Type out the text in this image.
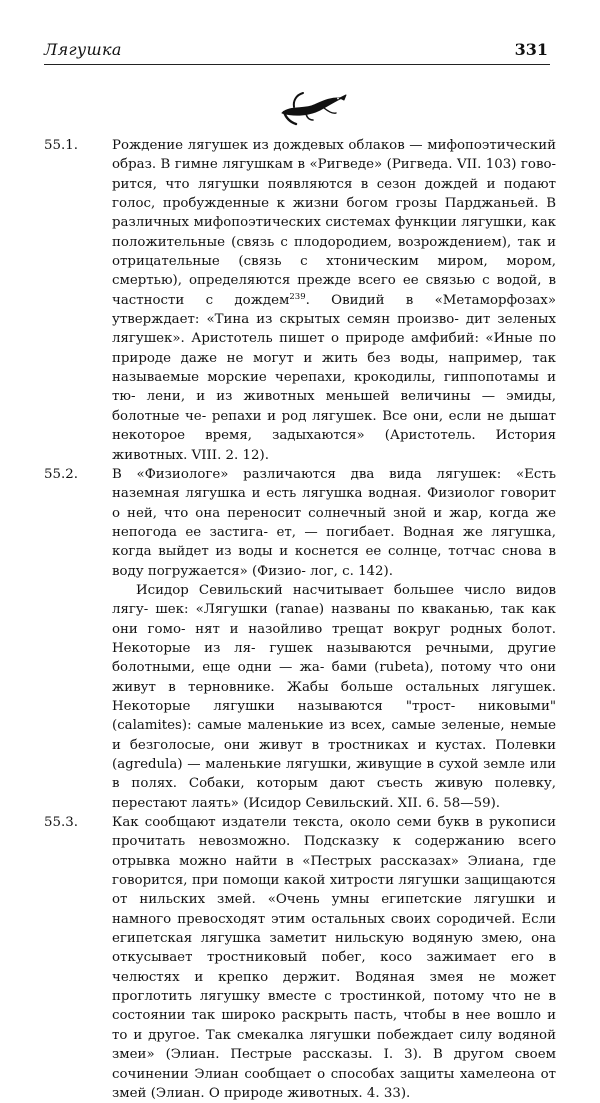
Лягушка	331
55.1.	Рождение лягушек из дождевых облаков — мифопоэтический образ. В гимне лягушкам в «Ригведе» (Ригведа. VII. 103) гово- рится, что лягушки появляются в сезон дождей и подают голос, пробужденные к жизни богом грозы Парджаньей. В различных мифопоэтических системах функции лягушки, как положительные (связь с плодородием, возрождением), так и отрицательные (связь с хтоническим миром, мором, смертью), определяются прежде всего ее связью с водой, в частности с дождем$^{239}$. Овидий в «Метаморфозах» утверждает: «Тина из скрытых семян произво- дит зеленых лягушек». Аристотель пишет о природе амфибий: «Иные по природе даже не могут и жить без воды, например, так называемые морские черепахи, крокодилы, гиппопотамы и тю- лени, и из животных меньшей величины — эмиды, болотные че- репахи и род лягушек. Все они, если не дышат некоторое время, задыхаются» (Аристотель. История животных. VIII. 2. 12).
55.2.	В «Физиологе» различаются два вида лягушек: «Есть наземная лягушка и есть лягушка водная. Физиолог говорит о ней, что она переносит солнечный зной и жар, когда же непогода ее застига- ет, — погибает. Водная же лягушка, когда выйдет из воды и коснется ее солнце, тотчас снова в воду погружается» (Физио- лог, с. 142).
Исидор Севильский насчитывает большее число видов лягу- шек: «Лягушки (ranae) названы по кваканью, так как они гомо- нят и назойливо трещат вокруг родных болот. Некоторые из ля- гушек называются речными, другие болотными, еще одни — жа- бами (rubeta), потому что они живут в терновнике. Жабы больше остальных лягушек. Некоторые лягушки называются "трост- никовыми" (calamites): самые маленькие из всех, самые зеленые, немые и безголосые, они живут в тростниках и кустах. Полевки (agredula) — маленькие лягушки, живущие в сухой земле или в полях. Собаки, которым дают съесть живую полевку, перестают лаять» (Исидор Севильский. XII. 6. 58—59).
55.3.	Как сообщают издатели текста, около семи букв в рукописи прочитать невозможно. Подсказку к содержанию всего отрывка можно найти в «Пестрых рассказах» Элиана, где говорится, при помощи какой хитрости лягушки защищаются от нильских змей. «Очень умны египетские лягушки и намного превосходят этим остальных своих сородичей. Если египетская лягушка заметит нильскую водяную змею, она откусывает тростниковый побег, косо зажимает его в челюстях и крепко держит. Водяная змея не может проглотить лягушку вместе с тростинкой, потому что не в состоянии так широко раскрыть пасть, чтобы в нее вошло и то и другое. Так смекалка лягушки побеждает силу водяной змеи» (Элиан. Пестрые рассказы. I. 3). В другом своем сочинении Элиан сообщает о способах защиты хамелеона от змей (Элиан. О природе животных. 4. 33).
